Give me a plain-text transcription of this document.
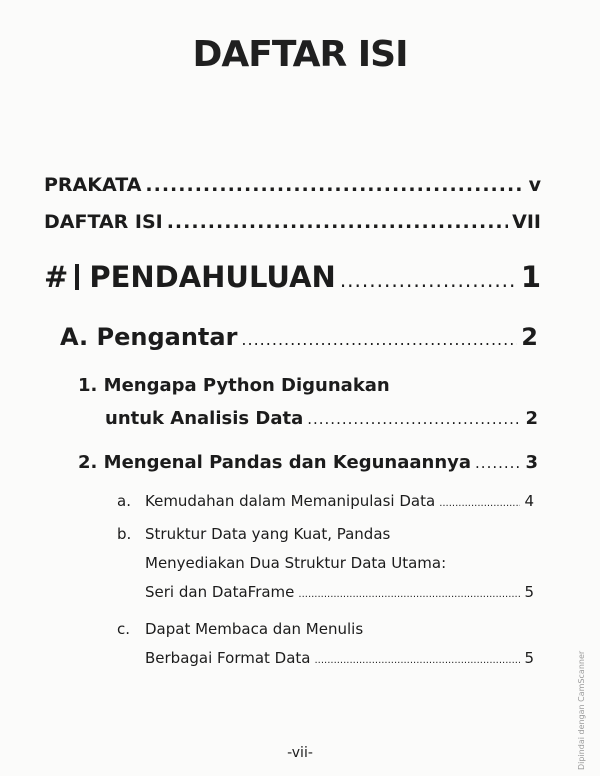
DAFTAR ISI
PRAKATA .....	v
DAFTAR ISI .....	VII
# PENDAHULUAN .....	1
A. Pengantar .....	2
1. Mengapa Python Digunakan
untuk Analisis Data .....	2
2. Mengenal Pandas dan Kegunaannya .....	3
a. Kemudahan dalam Memanipulasi Data .....	4
b. Struktur Data yang Kuat, Pandas
Menyediakan Dua Struktur Data Utama:
Seri dan DataFrame .....	5
c. Dapat Membaca dan Menulis
Berbagai Format Data .....	5
-vii-	Dipindai dengan CamScanner
